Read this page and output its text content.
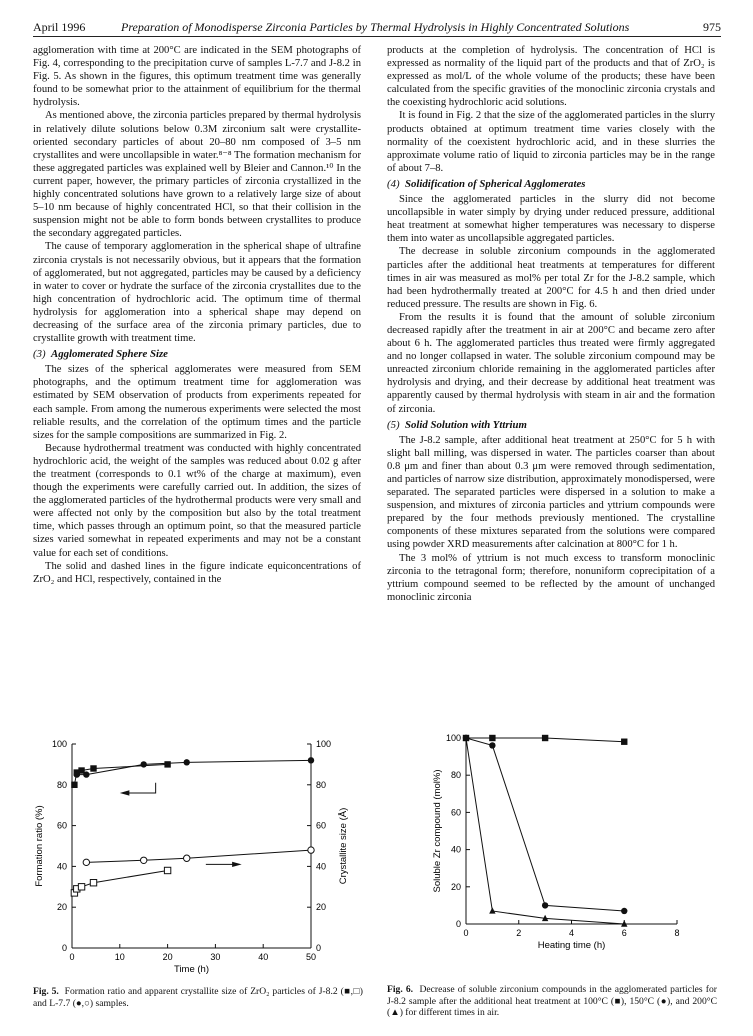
April 1996	Preparation of Monodisperse Zirconia Particles by Thermal Hydrolysis in Highly Concentrated Solutions	975

agglomeration with time at 200°C are indicated in the SEM photographs of Fig. 4, corresponding to the precipitation curve of samples L-7.7 and J-8.2 in Fig. 5. As shown in the figures, this optimum treatment time was generally found to be somewhat prior to the attainment of equilibrium for the thermal hydrolysis.

As mentioned above, the zirconia particles prepared by thermal hydrolysis in relatively dilute solutions below 0.3M zirconium salt were crystallite-oriented secondary particles of about 20–80 nm composed of 3–5 nm crystallites and were uncollapsible in water.⁸⁻⁸ The formation mechanism for these aggregated particles was explained well by Bleier and Cannon.¹⁰ In the current paper, however, the primary particles of zirconia crystallized in the highly concentrated solutions have grown to a relatively large size of about 5–10 nm because of highly concentrated HCl, so that their collision in the suspension might not be able to form bonds between crystallites to produce the secondary aggregated particles.

The cause of temporary agglomeration in the spherical shape of ultrafine zirconia crystals is not necessarily obvious, but it appears that the formation of agglomerated, but not aggregated, particles may be caused by a deficiency in water to cover or hydrate the surface of the zirconia crystallites due to the high concentration of hydrochloric acid. The optimum time of thermal hydrolysis for agglomeration into a spherical shape may depend on decreasing of the surface area of the zirconia primary particles, due to crystallite growth with treatment time.

(3) Agglomerated Sphere Size

The sizes of the spherical agglomerates were measured from SEM photographs, and the optimum treatment time for agglomeration was estimated by SEM observation of products from experiments repeated for each sample. From among the numerous experiments were selected the most reliable results, and the correlation of the optimum times and the particle sizes for the sample compositions are summarized in Fig. 2.

Because hydrothermal treatment was conducted with highly concentrated hydrochloric acid, the weight of the samples was reduced about 0.02 g after the treatment (corresponds to 0.1 wt% of the charge at maximum), even though the experiments were carefully carried out. In addition, the sizes of the agglomerated particles of the hydrothermal products were very small and were affected not only by the composition but also by the total treatment time, which passes through an optimum point, so that the measured particle sizes varied somewhat in repeated experiments and may not be a constant value for each set of conditions.

The solid and dashed lines in the figure indicate equiconcentrations of ZrO₂ and HCl, respectively, contained in the

products at the completion of hydrolysis. The concentration of HCl is expressed as normality of the liquid part of the products and that of ZrO₂ is expressed as mol/L of the whole volume of the products; these have been calculated from the specific gravities of the monoclinic zirconia crystals and the coexisting hydrochloric acid solutions.

It is found in Fig. 2 that the size of the agglomerated particles in the slurry products obtained at optimum treatment time varies closely with the normality of the coexistent hydrochloric acid, and in these slurries the approximate volume ratio of liquid to zirconia particles may be in the range of about 7–8.

(4) Solidification of Spherical Agglomerates

Since the agglomerated particles in the slurry did not become uncollapsible in water simply by drying under reduced pressure, additional heat treatment at somewhat higher temperatures was necessary to disperse them into water as uncollapsible aggregated particles.

The decrease in soluble zirconium compounds in the agglomerated particles after the additional heat treatments at temperatures for different times in air was measured as mol% per total Zr for the J-8.2 sample, which had been hydrothermally treated at 200°C for 4.5 h and then dried under reduced pressure. The results are shown in Fig. 6.

From the results it is found that the amount of soluble zirconium decreased rapidly after the treatment in air at 200°C and became zero after about 6 h. The agglomerated particles thus treated were firmly aggregated and no longer collapsed in water. The soluble zirconium compound may be unreacted zirconium chloride remaining in the agglomerated particles after hydrolysis and drying, and their decrease by additional heat treatment was apparently caused by thermal hydrolysis with steam in air and the formation of zirconia.

(5) Solid Solution with Yttrium

The J-8.2 sample, after additional heat treatment at 250°C for 5 h with slight ball milling, was dispersed in water. The particles coarser than about 0.8 μm and finer than about 0.3 μm were removed through sedimentation, and particles of narrow size distribution, approximately monodispersed, were separated. The separated particles were dispersed in a solution to make a suspension, and mixtures of zirconia particles and yttrium compounds were prepared by the four methods previously mentioned. The crystalline components of these mixtures separated from the solutions were compared using powder XRD measurements after calcination at 800°C for 1 h.

The 3 mol% of yttrium is not much excess to transform monoclinic zirconia to the tetragonal form; therefore, nonuniform coprecipitation of a yttrium compound seemed to be reflected by the amount of unchanged monoclinic zirconia

0	10	20	30	40	50
0
20
40
60
80
100
0
20
40
60
80
100
Time (h)
Formation ratio (%)	Crystallite size (Å)
Fig. 5. Formation ratio and apparent crystallite size of ZrO₂ particles of J-8.2 (■,□) and L-7.7 (●,○) samples.
0	2	4	6	8
0
20
40
60
80
100
Heating time (h)
Soluble Zr compound (mol%)
Fig. 6. Decrease of soluble zirconium compounds in the agglomerated particles for J-8.2 sample after the additional heat treatment at 100°C (■), 150°C (●), and 200°C (▲) for different times in air.
